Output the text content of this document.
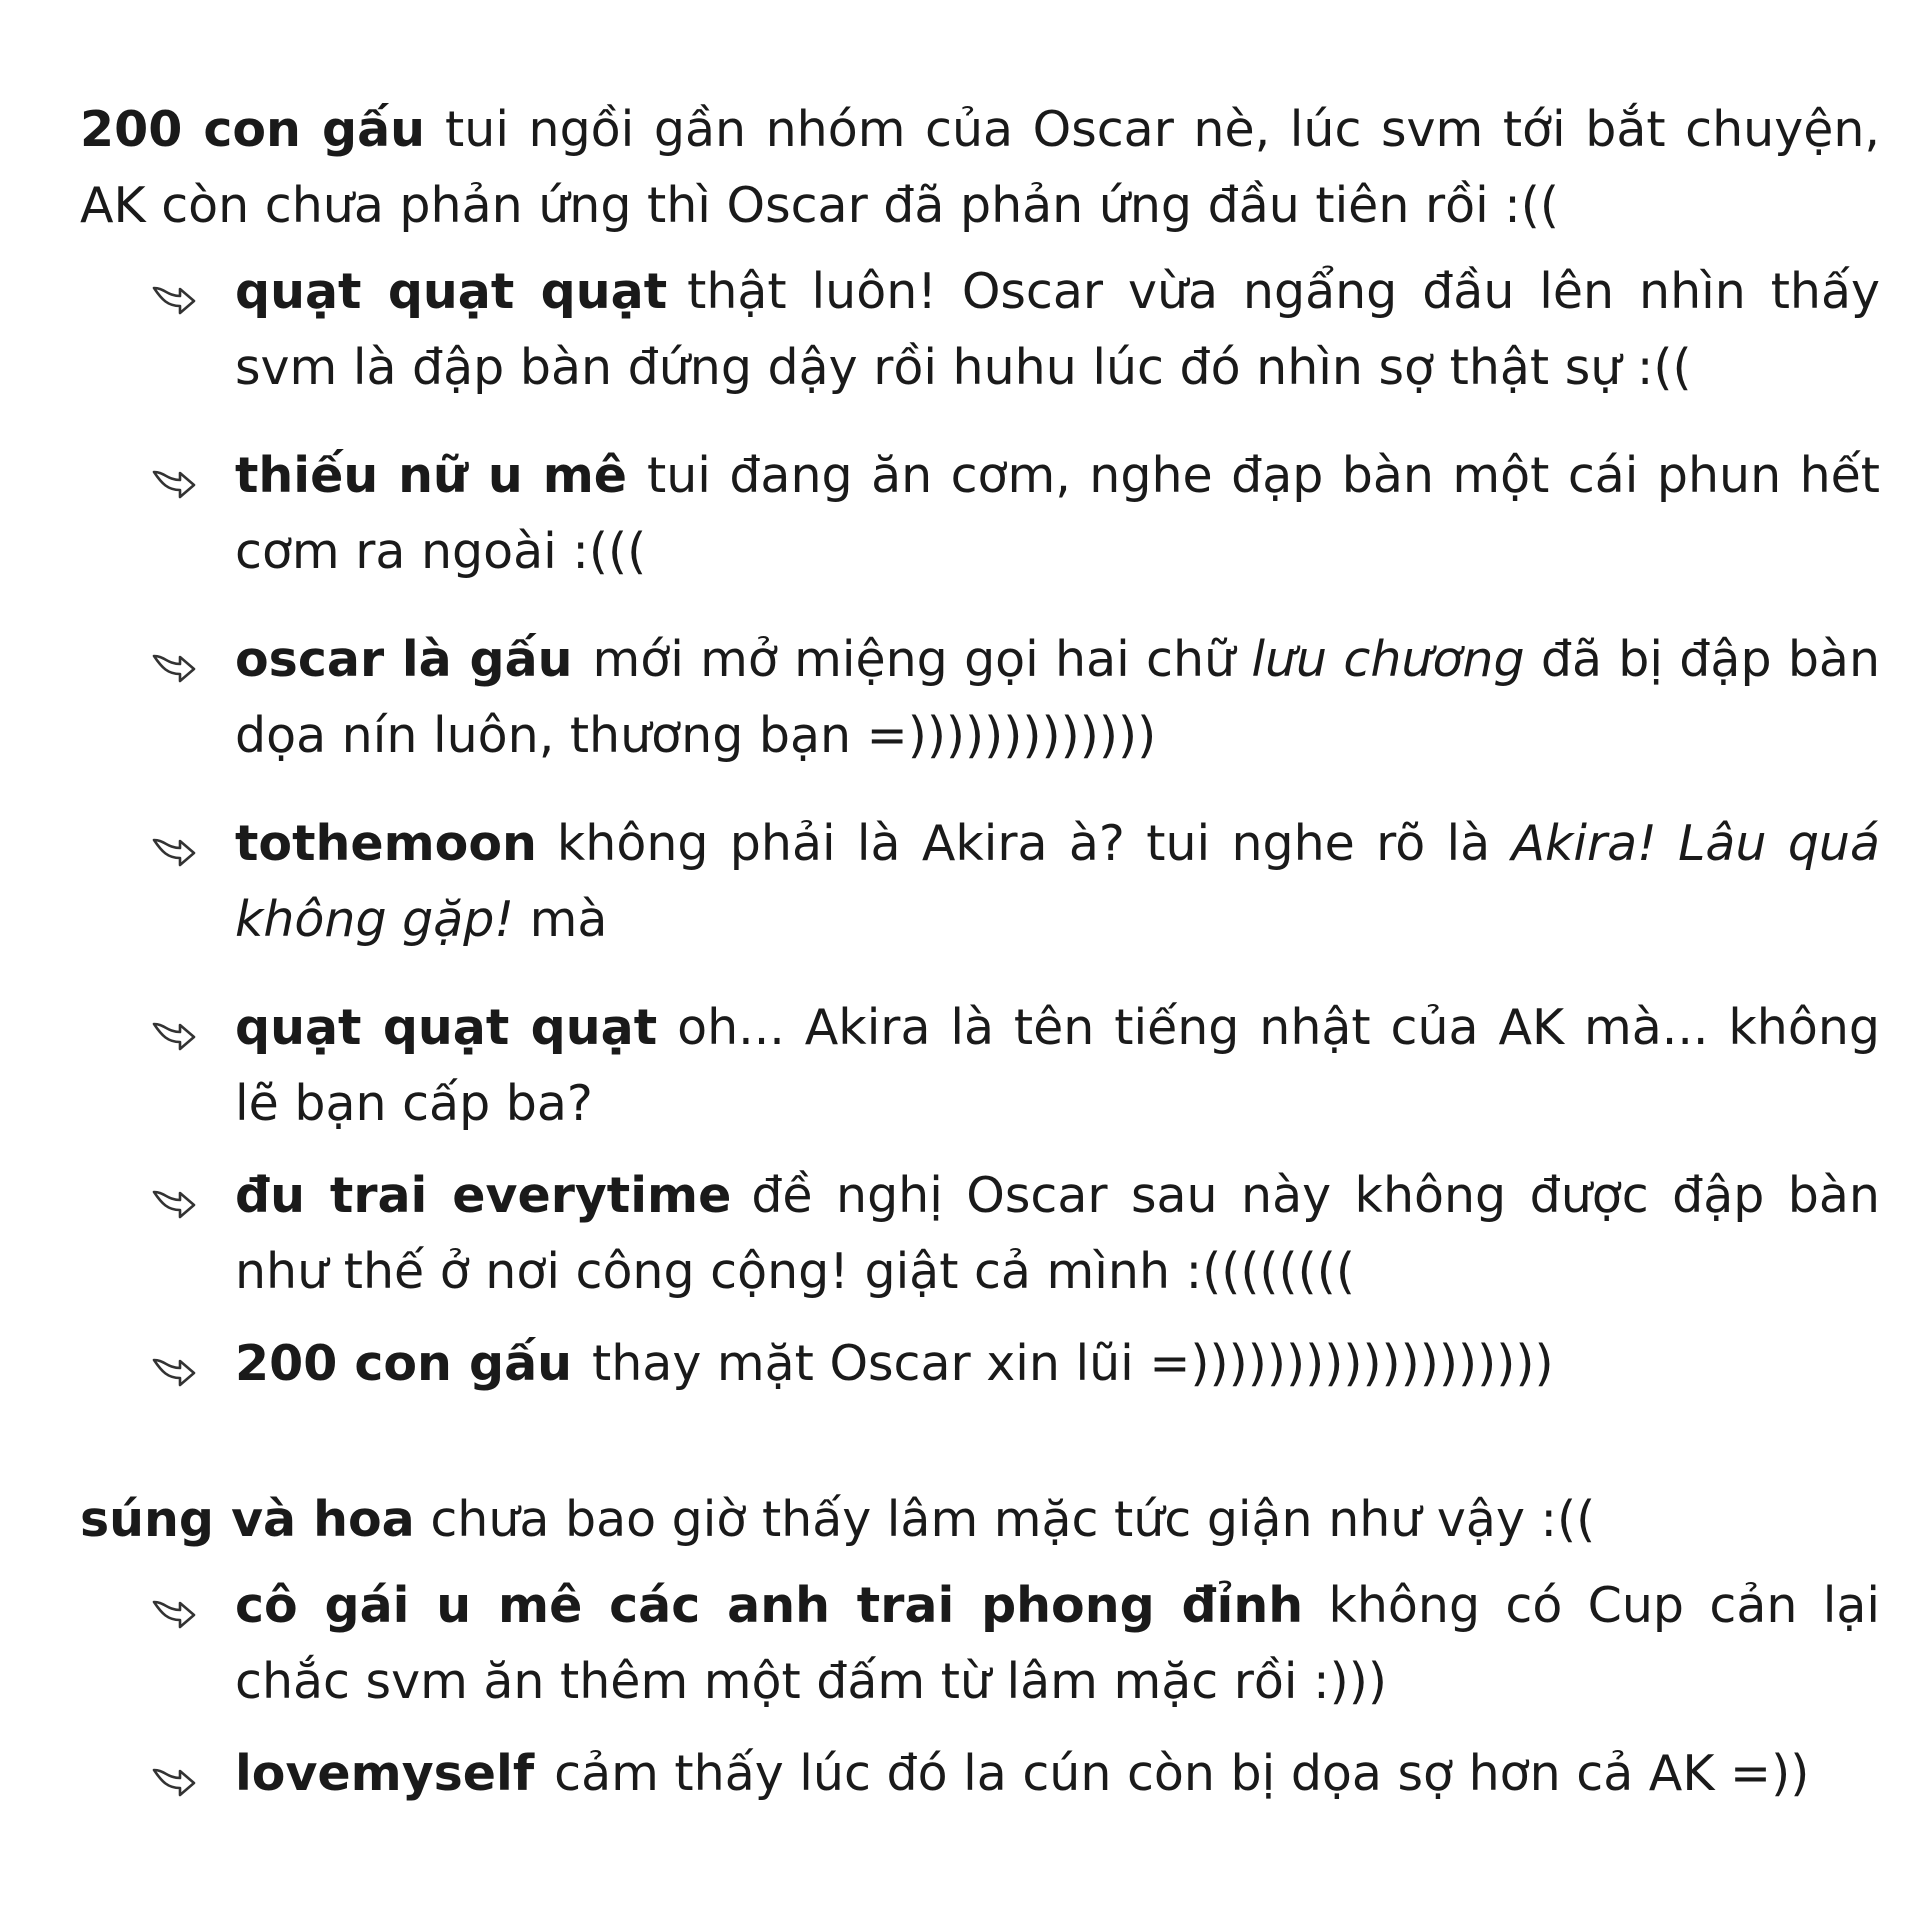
200 con gấu tui ngồi gần nhóm của Oscar nè, lúc svm tới bắt chuyện, AK còn chưa phản ứng thì Oscar đã phản ứng đầu tiên rồi :((
quạt quạt quạt thật luôn! Oscar vừa ngẩng đầu lên nhìn thấy svm là đập bàn đứng dậy rồi huhu lúc đó nhìn sợ thật sự :((
thiếu nữ u mê tui đang ăn cơm, nghe đạp bàn một cái phun hết cơm ra ngoài :(((
oscar là gấu mới mở miệng gọi hai chữ lưu chương đã bị đập bàn dọa nín luôn, thương bạn =)))))))))))))
tothemoon không phải là Akira à? tui nghe rõ là Akira! Lâu quá không gặp! mà
quạt quạt quạt oh... Akira là tên tiếng nhật của AK mà... không lẽ bạn cấp ba?
đu trai everytime đề nghị Oscar sau này không được đập bàn như thế ở nơi công cộng! giật cả mình :((((((((
200 con gấu thay mặt Oscar xin lũi =)))))))))))))))))))
súng và hoa chưa bao giờ thấy lâm mặc tức giận như vậy :((
cô gái u mê các anh trai phong đỉnh không có Cup cản lại chắc svm ăn thêm một đấm từ lâm mặc rồi :)))
lovemyself cảm thấy lúc đó la cún còn bị dọa sợ hơn cả AK =))
